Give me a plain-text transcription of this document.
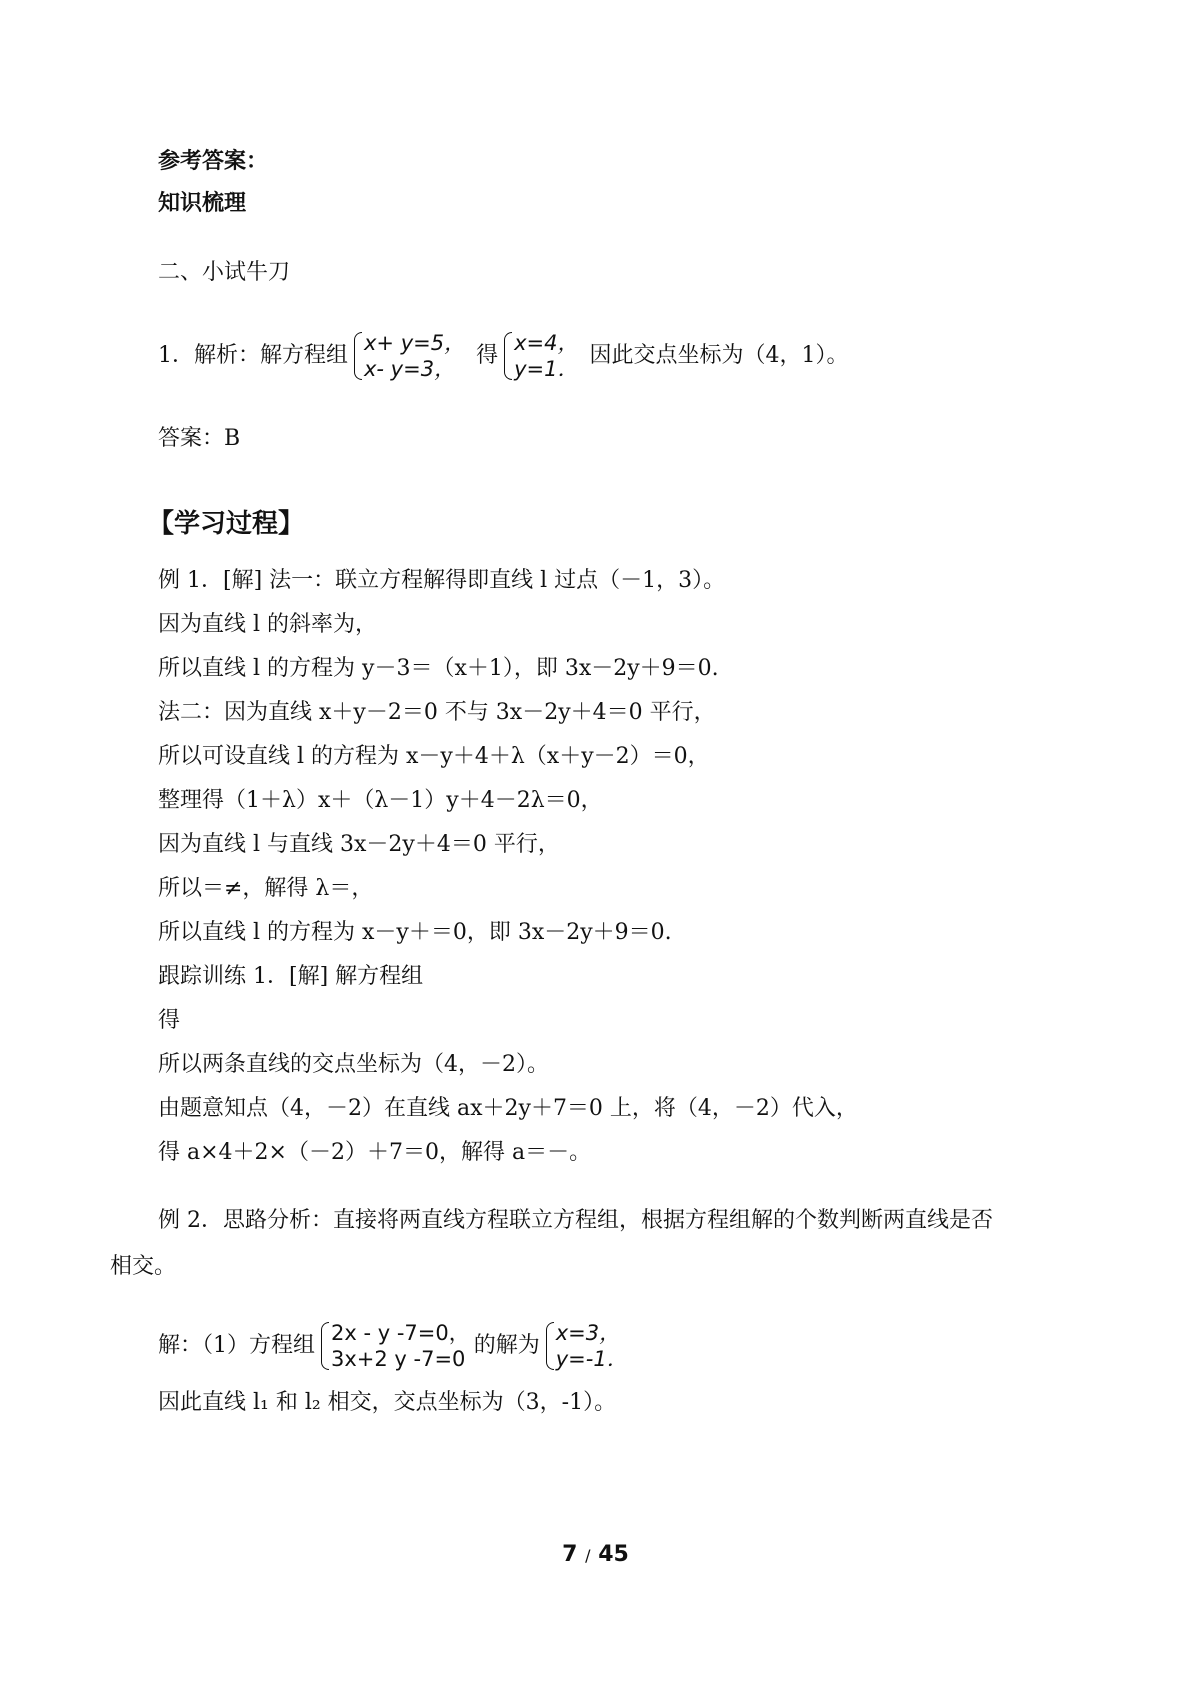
参考答案：
知识梳理
二、小试牛刀
1．解析：解方程组 x+ y=5，
x- y=3，
得 x=4，
y=1．
因此交点坐标为（4，1）。
答案：B
【学习过程】
例 1．[解] 法一：联立方程解得即直线 l 过点（－1，3）。
因为直线 l 的斜率为，
所以直线 l 的方程为 y－3＝（x＋1），即 3x－2y＋9＝0.
法二：因为直线 x＋y－2＝0 不与 3x－2y＋4＝0 平行，
所以可设直线 l 的方程为 x－y＋4＋λ（x＋y－2）＝0，
整理得（1＋λ）x＋（λ－1）y＋4－2λ＝0，
因为直线 l 与直线 3x－2y＋4＝0 平行，
所以＝≠，解得 λ＝，
所以直线 l 的方程为 x－y＋＝0，即 3x－2y＋9＝0.
跟踪训练 1．[解] 解方程组
得
所以两条直线的交点坐标为（4，－2）。
由题意知点（4，－2）在直线 ax＋2y＋7＝0 上，将（4，－2）代入，
得 a×4＋2×（－2）＋7＝0，解得 a＝－。
例 2．思路分析：直接将两直线方程联立方程组，根据方程组解的个数判断两直线是否
相交。
解：（1）方程组 2x - y -7=0，
3x+2 y -7=0
的解为 x=3，
y=-1．
因此直线 l₁ 和 l₂ 相交，交点坐标为（3，-1）。
7 / 45
